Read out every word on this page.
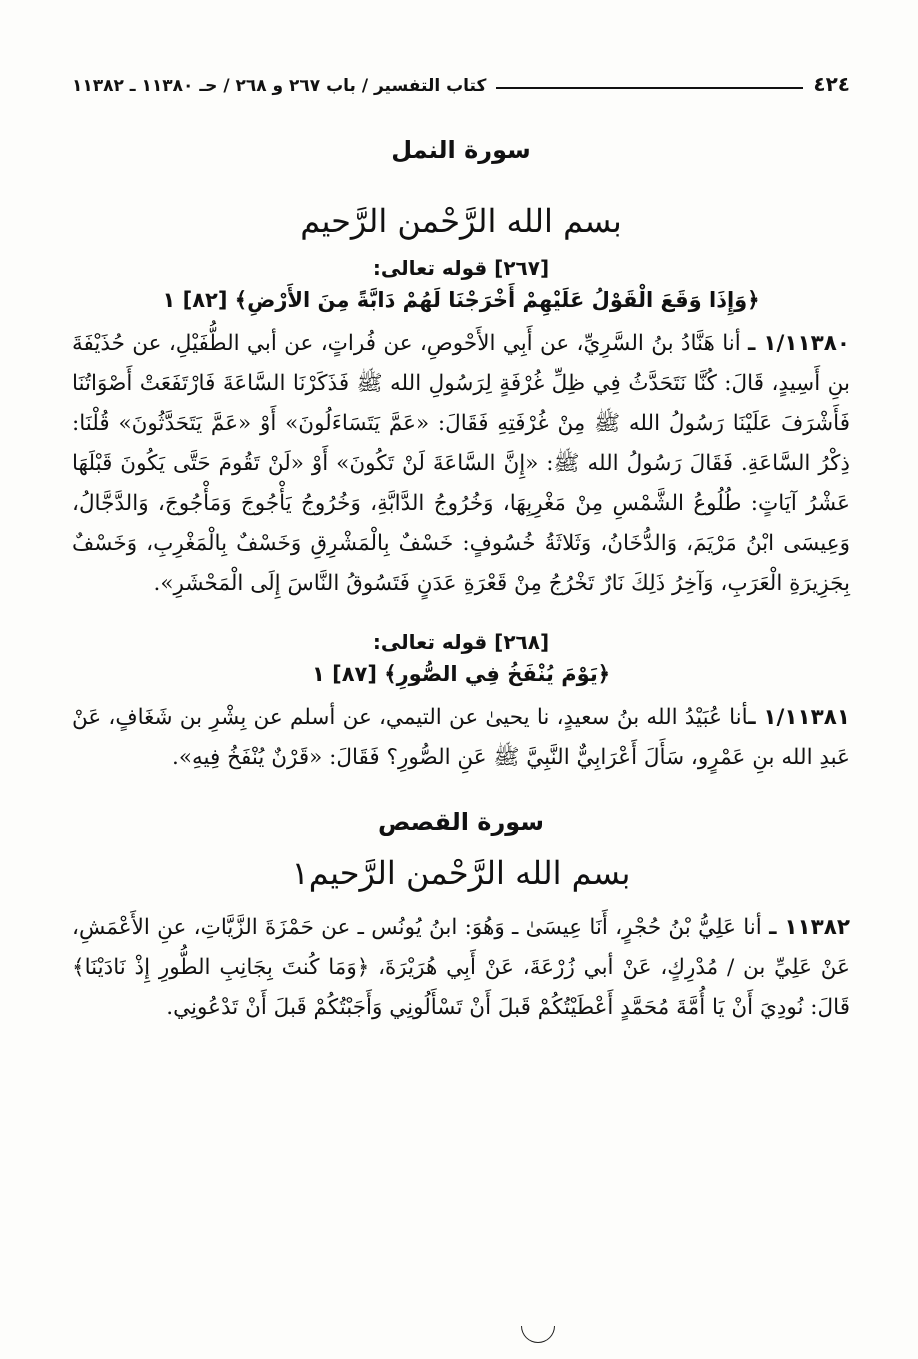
٤٢٤
كتاب التفسير / باب ٢٦٧ و ٢٦٨ / حـ ١١٣٨٠ ـ ١١٣٨٢
سورة النمل
بسم الله الرَّحْمن الرَّحيم
[٢٦٧] قوله تعالى:
﴿وَإِذَا وَقَعَ الْقَوْلُ عَلَيْهِمْ أَخْرَجْنَا لَهُمْ دَابَّةً مِنَ الأَرْضِ﴾ [٨٢] ١

١/١١٣٨٠ ـ أنا هَنَّادُ بنُ السَّرِيِّ، عن أَبِي الأَحْوصِ، عن فُراتٍ، عن أبي الطُّفَيْلِ، عن حُذَيْفَةَ بنِ أَسِيدٍ، قَالَ: كُنَّا نَتَحَدَّثُ فِي ظِلِّ غُرْفَةٍ لِرَسُولِ الله ﷺ فَذَكَرْنَا السَّاعَةَ فَارْتَفَعَتْ أَصْوَاتُنَا فَأَشْرَفَ عَلَيْنَا رَسُولُ الله ﷺ مِنْ غُرْفَتِهِ فَقَالَ: «عَمَّ يَتَسَاءَلُونَ» أَوْ «عَمَّ يَتَحَدَّثُونَ» قُلْنَا: ذِكْرُ السَّاعَةِ. فَقَالَ رَسُولُ الله ﷺ: «إِنَّ السَّاعَةَ لَنْ تَكُونَ» أَوْ «لَنْ تَقُومَ حَتَّى يَكُونَ قَبْلَهَا عَشْرُ آيَاتٍ: طُلُوعُ الشَّمْسِ مِنْ مَغْرِبِهَا، وَخُرُوجُ الدَّابَّةِ، وَخُرُوجُ يَأْجُوجَ وَمَأْجُوجَ، وَالدَّجَّالُ، وَعِيسَى ابْنُ مَرْيَمَ، وَالدُّخَانُ، وَثَلاثَةُ خُسُوفٍ: خَسْفٌ بِالْمَشْرِقِ وَخَسْفٌ بِالْمَغْرِبِ، وَخَسْفٌ بِجَزِيرَةِ الْعَرَبِ، وَآخِرُ ذَلِكَ نَارٌ تَخْرُجُ مِنْ قَعْرَةِ عَدَنٍ فَتَسُوقُ النَّاسَ إِلَى الْمَحْشَرِ».

[٢٦٨] قوله تعالى:
﴿يَوْمَ يُنْفَخُ فِي الصُّورِ﴾ [٨٧] ١

١/١١٣٨١ ـأنا عُبَيْدُ الله بنُ سعيدٍ، نا يحيىٰ عن التيمي، عن أسلم عن بِشْرِ بن شَغَافٍ، عَنْ عَبدِ الله بنِ عَمْرٍو، سَأَلَ أَعْرَابِيٌّ النَّبِيَّ ﷺ عَنِ الصُّورِ؟ فَقَالَ: «قَرْنٌ يُنْفَخُ فِيهِ».

سورة القصص
بسم الله الرَّحْمن الرَّحيم١

١١٣٨٢ ـ أنا عَلِيُّ بْنُ حُجْرٍ، أَنَا عِيسَىٰ ـ وَهُوَ: ابنُ يُونُس ـ عن حَمْزَةَ الزَّيَّاتِ، عنِ الأَعْمَشِ، عَنْ عَلِيِّ بن / مُدْرِكٍ، عَنْ أبي زُرْعَةَ، عَنْ أَبِي هُرَيْرَةَ، ﴿وَمَا كُنتَ بِجَانِبِ الطُّورِ إِذْ نَادَيْنَا﴾ قَالَ: نُودِيَ أَنْ يَا أُمَّةَ مُحَمَّدٍ أَعْطَيْتُكُمْ قَبلَ أَنْ تَسْأَلُونِي وَأَجَبْتُكُمْ قَبلَ أَنْ تَدْعُونِي.
